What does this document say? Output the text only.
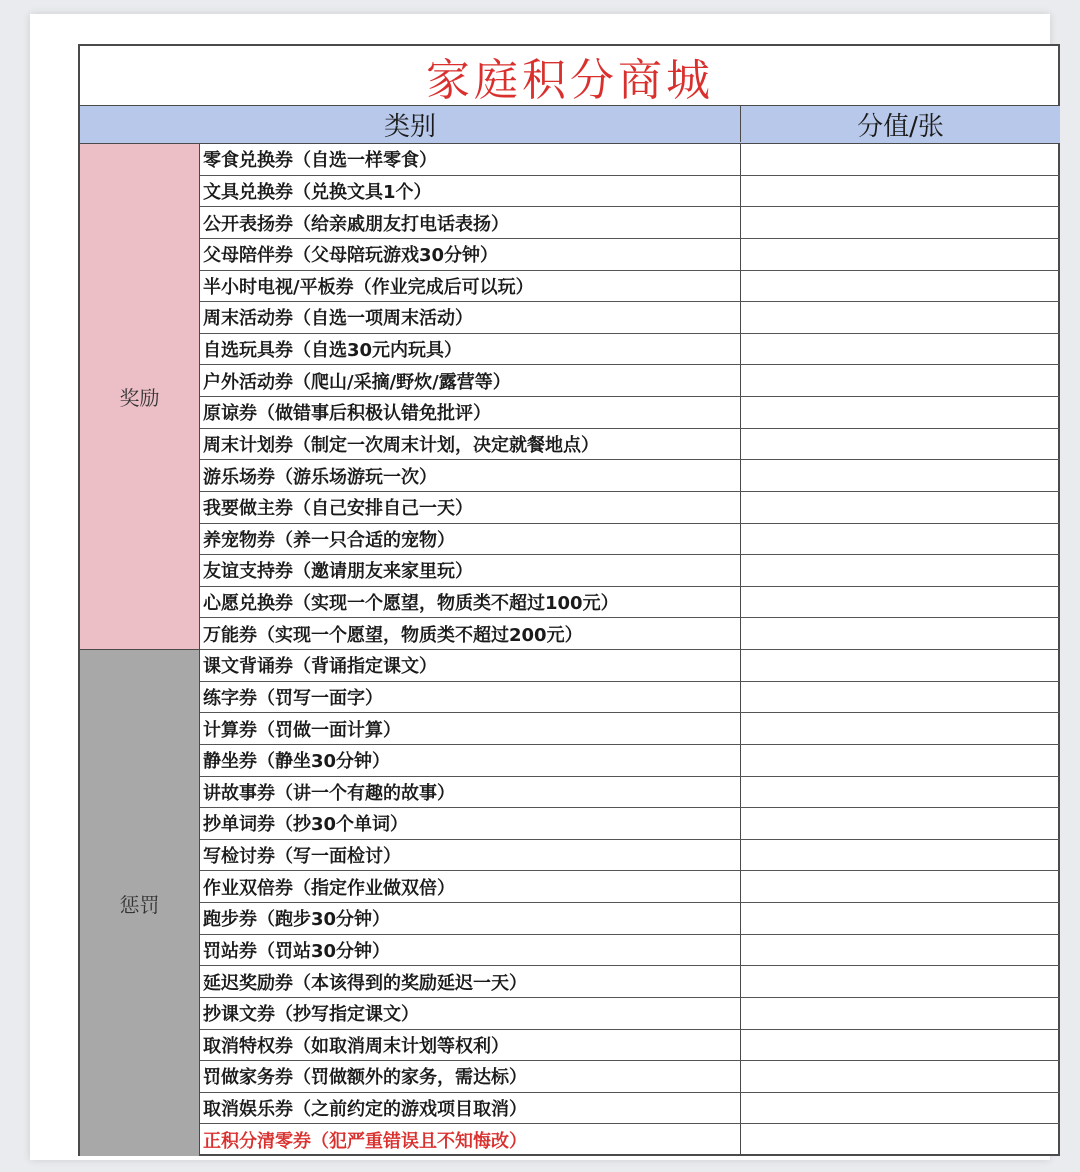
家庭积分商城
类别	分值/张
奖励
惩罚
零食兑换券（自选一样零食）
文具兑换券（兑换文具1个）
公开表扬券（给亲戚朋友打电话表扬）
父母陪伴券（父母陪玩游戏30分钟）
半小时电视/平板券（作业完成后可以玩）
周末活动券（自选一项周末活动）
自选玩具券（自选30元内玩具）
户外活动券（爬山/采摘/野炊/露营等）
原谅券（做错事后积极认错免批评）
周末计划券（制定一次周末计划，决定就餐地点）
游乐场券（游乐场游玩一次）
我要做主券（自己安排自己一天）
养宠物券（养一只合适的宠物）
友谊支持券（邀请朋友来家里玩）
心愿兑换券（实现一个愿望，物质类不超过100元）
万能券（实现一个愿望，物质类不超过200元）
课文背诵券（背诵指定课文）
练字券（罚写一面字）
计算券（罚做一面计算）
静坐券（静坐30分钟）
讲故事券（讲一个有趣的故事）
抄单词券（抄30个单词）
写检讨券（写一面检讨）
作业双倍券（指定作业做双倍）
跑步券（跑步30分钟）
罚站券（罚站30分钟）
延迟奖励券（本该得到的奖励延迟一天）
抄课文券（抄写指定课文）
取消特权券（如取消周末计划等权利）
罚做家务券（罚做额外的家务，需达标）
取消娱乐券（之前约定的游戏项目取消）
正积分清零券（犯严重错误且不知悔改）
